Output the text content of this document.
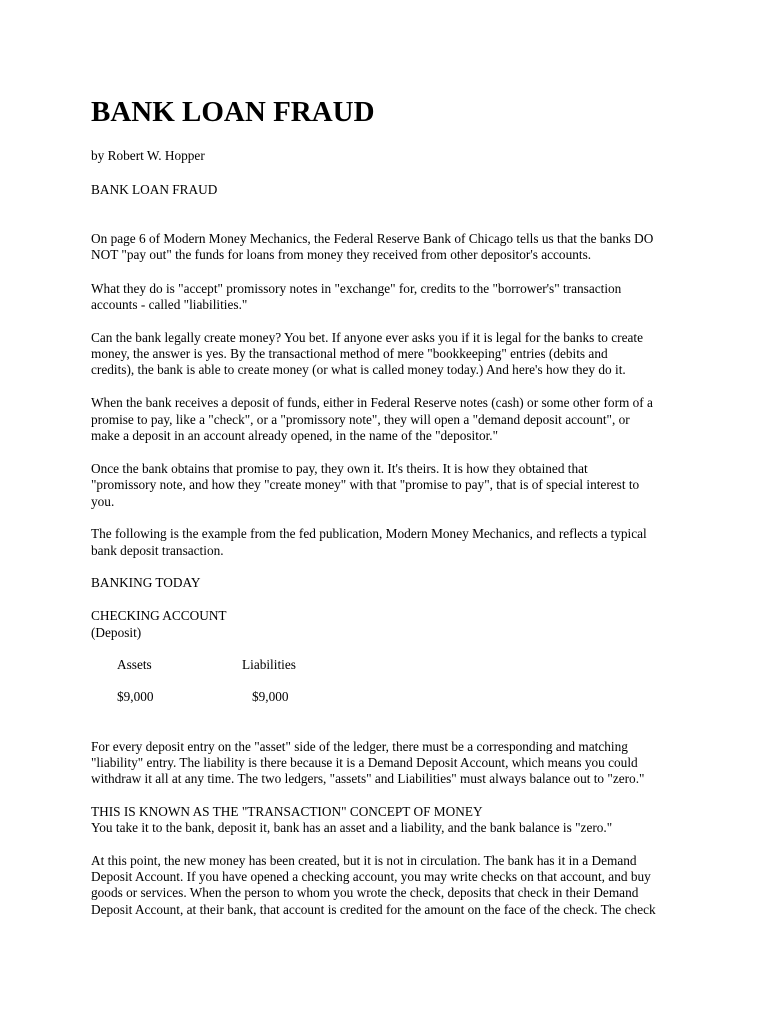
BANK LOAN FRAUD

by Robert W. Hopper

BANK LOAN FRAUD

On page 6 of Modern Money Mechanics, the Federal Reserve Bank of Chicago tells us that the banks DO

NOT "pay out" the funds for loans from money they received from other depositor's accounts.

What they do is "accept" promissory notes in "exchange" for, credits to the "borrower's" transaction

accounts - called "liabilities."

Can the bank legally create money? You bet. If anyone ever asks you if it is legal for the banks to create

money, the answer is yes. By the transactional method of mere "bookkeeping" entries (debits and

credits), the bank is able to create money (or what is called money today.) And here's how they do it.

When the bank receives a deposit of funds, either in Federal Reserve notes (cash) or some other form of a

promise to pay, like a "check", or a "promissory note", they will open a "demand deposit account", or

make a deposit in an account already opened, in the name of the "depositor."

Once the bank obtains that promise to pay, they own it. It's theirs. It is how they obtained that

"promissory note, and how they "create money" with that "promise to pay", that is of special interest to

you.

The following is the example from the fed publication, Modern Money Mechanics, and reflects a typical

bank deposit transaction.

BANKING TODAY

CHECKING ACCOUNT

(Deposit)

Assets	Liabilities

$9,000	$9,000

For every deposit entry on the "asset" side of the ledger, there must be a corresponding and matching

"liability" entry. The liability is there because it is a Demand Deposit Account, which means you could

withdraw it all at any time. The two ledgers, "assets" and Liabilities" must always balance out to "zero."

THIS IS KNOWN AS THE "TRANSACTION" CONCEPT OF MONEY

You take it to the bank, deposit it, bank has an asset and a liability, and the bank balance is "zero."

At this point, the new money has been created, but it is not in circulation. The bank has it in a Demand

Deposit Account. If you have opened a checking account, you may write checks on that account, and buy

goods or services. When the person to whom you wrote the check, deposits that check in their Demand

Deposit Account, at their bank, that account is credited for the amount on the face of the check. The check
